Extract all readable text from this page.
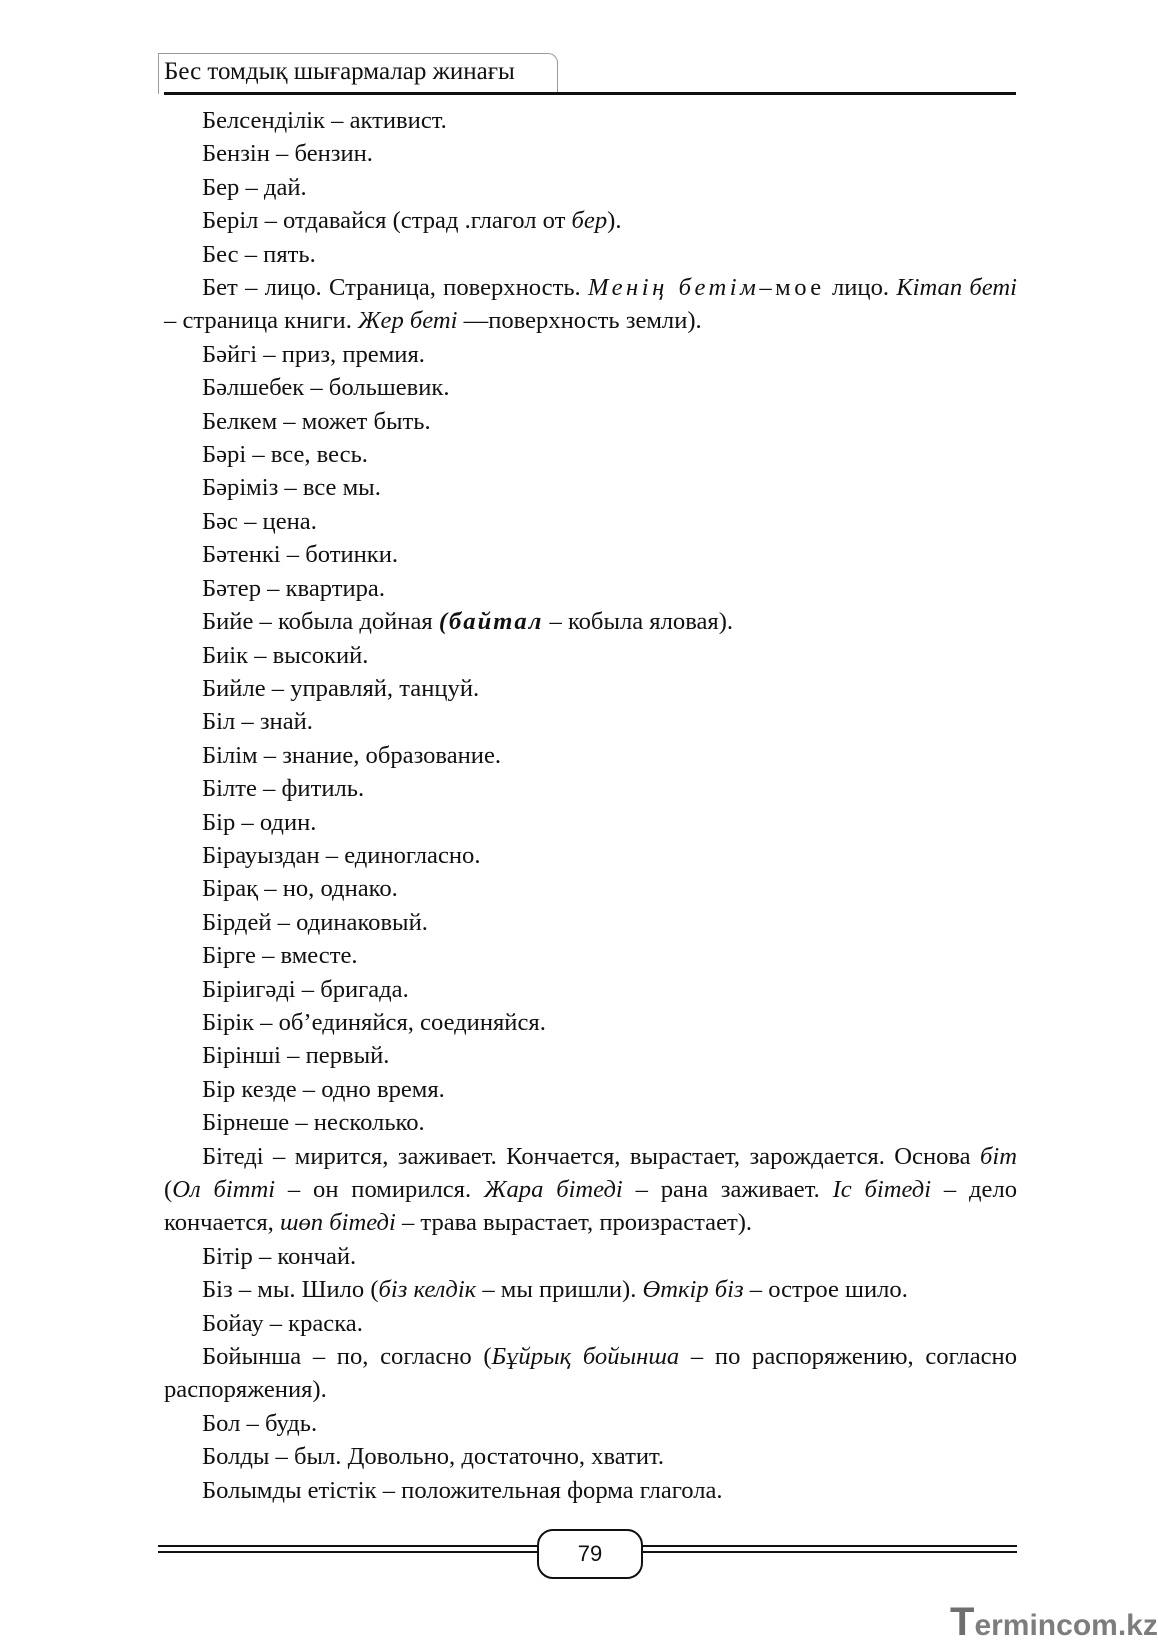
Бес томдық шығармалар жинағы

Белсенділік – активист.

Бензін – бензин.

Бер – дай.

Беріл – отдавайся (страд .глагол от бер).

Бес – пять.

Бет – лицо. Страница, поверхность. Менің бетім–мое лицо. Кітап беті – страница книги. Жер беті —поверхность земли).

Бәйгі – приз, премия.

Бәлшебек – большевик.

Белкем – может быть.

Бәрі – все, весь.

Бәріміз – все мы.

Бәс – цена.

Бәтенкі – ботинки.

Бәтер – квартира.

Бийе – кобыла дойная (байтал – кобыла яловая).

Биік – высокий.

Бийле – управляй, танцуй.

Біл – знай.

Білім – знание, образование.

Білте – фитиль.

Бір – один.

Бірауыздан – единогласно.

Бірақ – но, однако.

Бірдей – одинаковый.

Бірге – вместе.

Біріигәді – бригада.

Бірік – об’единяйся, соединяйся.

Бірінші – первый.

Бір кезде – одно время.

Бірнеше – несколько.

Бітеді – мирится, заживает. Кончается, вырастает, зарождается. Основа біт (Ол бітті – он помирился. Жара бітеді – рана заживает. Іс бітеді – дело кончается, шөп бітеді – трава вырастает, произрастает).

Бітір – кончай.

Біз – мы. Шило (біз келдік – мы пришли). Өткір біз – острое шило.

Бойау – краска.

Бойынша – по, согласно (Бұйрық бойынша – по распоряжению, согласно распоряжения).

Бол – будь.

Болды – был. Довольно, достаточно, хватит.

Болымды етістік – положительная форма глагола.

79
Termincom.kz
